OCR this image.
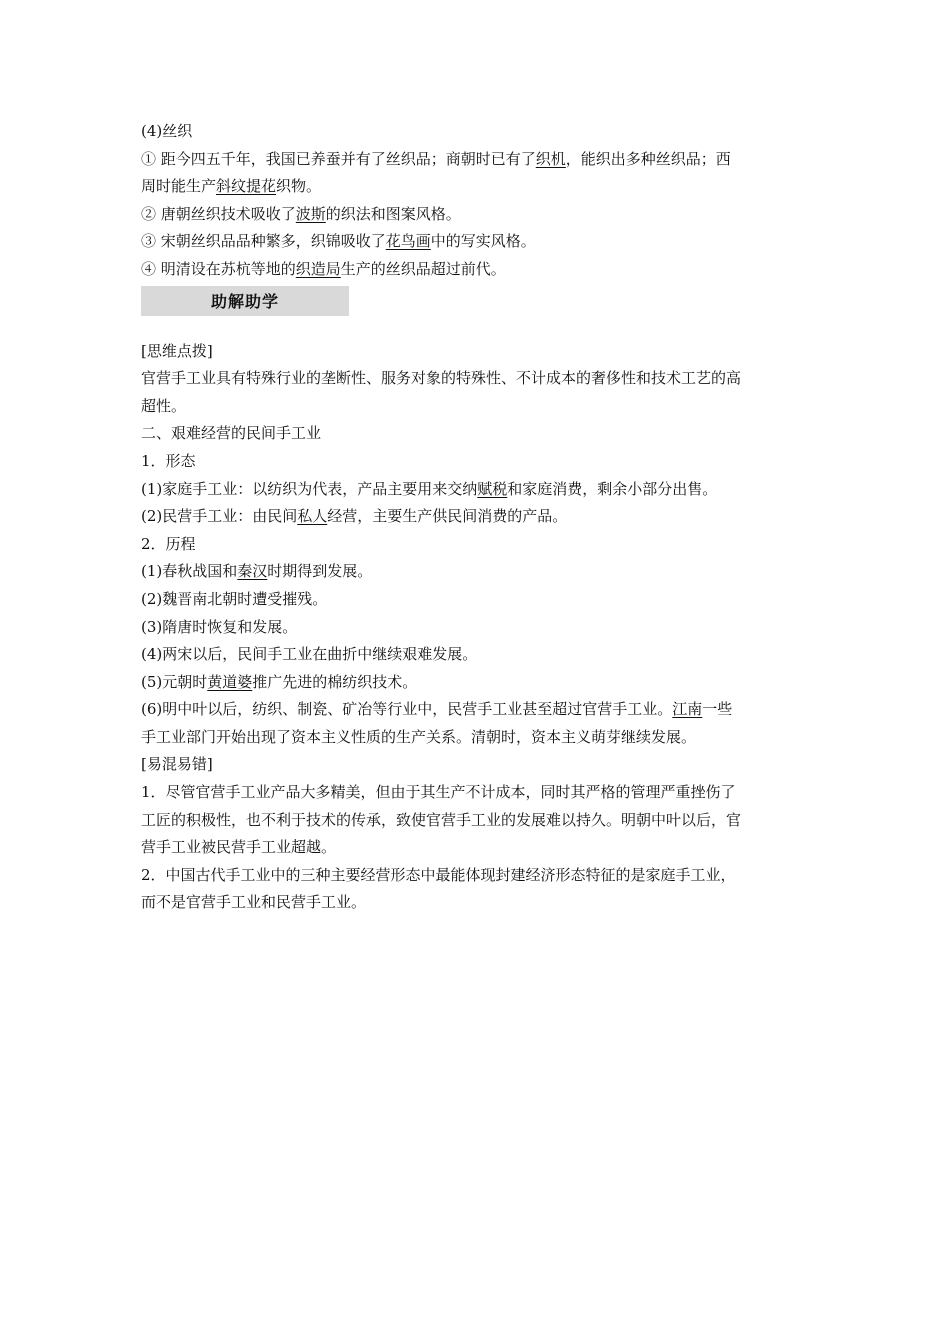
(4)丝织
① 距今四五千年，我国已养蚕并有了丝织品；商朝时已有了织机，能织出多种丝织品；西
周时能生产斜纹提花织物。
② 唐朝丝织技术吸收了波斯的织法和图案风格。
③ 宋朝丝织品品种繁多，织锦吸收了花鸟画中的写实风格。
④ 明清设在苏杭等地的织造局生产的丝织品超过前代。
助解助学
[思维点拨]
官营手工业具有特殊行业的垄断性、服务对象的特殊性、不计成本的奢侈性和技术工艺的高
超性。
二、艰难经营的民间手工业
1．形态
(1)家庭手工业：以纺织为代表，产品主要用来交纳赋税和家庭消费，剩余小部分出售。
(2)民营手工业：由民间私人经营，主要生产供民间消费的产品。
2．历程
(1)春秋战国和秦汉时期得到发展。
(2)魏晋南北朝时遭受摧残。
(3)隋唐时恢复和发展。
(4)两宋以后，民间手工业在曲折中继续艰难发展。
(5)元朝时黄道婆推广先进的棉纺织技术。
(6)明中叶以后，纺织、制瓷、矿冶等行业中，民营手工业甚至超过官营手工业。江南一些
手工业部门开始出现了资本主义性质的生产关系。清朝时，资本主义萌芽继续发展。
[易混易错]
1．尽管官营手工业产品大多精美，但由于其生产不计成本，同时其严格的管理严重挫伤了
工匠的积极性，也不利于技术的传承，致使官营手工业的发展难以持久。明朝中叶以后，官
营手工业被民营手工业超越。
2．中国古代手工业中的三种主要经营形态中最能体现封建经济形态特征的是家庭手工业，
而不是官营手工业和民营手工业。
